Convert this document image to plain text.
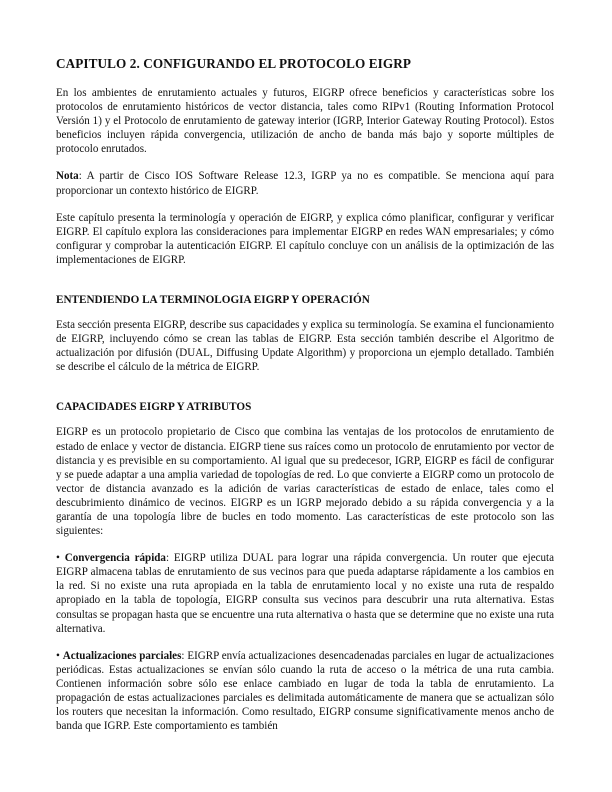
CAPITULO 2. CONFIGURANDO EL PROTOCOLO EIGRP

En los ambientes de enrutamiento actuales y futuros, EIGRP ofrece beneficios y características sobre los protocolos de enrutamiento históricos de vector distancia, tales como RIPv1 (Routing Information Protocol Versión 1) y el Protocolo de enrutamiento de gateway interior (IGRP, Interior Gateway Routing Protocol). Estos beneficios incluyen rápida convergencia, utilización de ancho de banda más bajo y soporte múltiples de protocolo enrutados.

Nota: A partir de Cisco IOS Software Release 12.3, IGRP ya no es compatible. Se menciona aquí para proporcionar un contexto histórico de EIGRP.

Este capítulo presenta la terminología y operación de EIGRP, y explica cómo planificar, configurar y verificar EIGRP. El capítulo explora las consideraciones para implementar EIGRP en redes WAN empresariales; y cómo configurar y comprobar la autenticación EIGRP. El capítulo concluye con un análisis de la optimización de las implementaciones de EIGRP.

ENTENDIENDO LA TERMINOLOGIA EIGRP Y OPERACIÓN

Esta sección presenta EIGRP, describe sus capacidades y explica su terminología. Se examina el funcionamiento de EIGRP, incluyendo cómo se crean las tablas de EIGRP. Esta sección también describe el Algoritmo de actualización por difusión (DUAL, Diffusing Update Algorithm) y proporciona un ejemplo detallado. También se describe el cálculo de la métrica de EIGRP.

CAPACIDADES EIGRP Y ATRIBUTOS

EIGRP es un protocolo propietario de Cisco que combina las ventajas de los protocolos de enrutamiento de estado de enlace y vector de distancia. EIGRP tiene sus raíces como un protocolo de enrutamiento por vector de distancia y es previsible en su comportamiento. Al igual que su predecesor, IGRP, EIGRP es fácil de configurar y se puede adaptar a una amplia variedad de topologías de red. Lo que convierte a EIGRP como un protocolo de vector de distancia avanzado es la adición de varias características de estado de enlace, tales como el descubrimiento dinámico de vecinos. EIGRP es un IGRP mejorado debido a su rápida convergencia y a la garantía de una topología libre de bucles en todo momento. Las características de este protocolo son las siguientes:

• Convergencia rápida: EIGRP utiliza DUAL para lograr una rápida convergencia. Un router que ejecuta EIGRP almacena tablas de enrutamiento de sus vecinos para que pueda adaptarse rápidamente a los cambios en la red. Si no existe una ruta apropiada en la tabla de enrutamiento local y no existe una ruta de respaldo apropiado en la tabla de topología, EIGRP consulta sus vecinos para descubrir una ruta alternativa. Estas consultas se propagan hasta que se encuentre una ruta alternativa o hasta que se determine que no existe una ruta alternativa.

• Actualizaciones parciales: EIGRP envía actualizaciones desencadenadas parciales en lugar de actualizaciones periódicas. Estas actualizaciones se envían sólo cuando la ruta de acceso o la métrica de una ruta cambia. Contienen información sobre sólo ese enlace cambiado en lugar de toda la tabla de enrutamiento. La propagación de estas actualizaciones parciales es delimitada automáticamente de manera que se actualizan sólo los routers que necesitan la información. Como resultado, EIGRP consume significativamente menos ancho de banda que IGRP. Este comportamiento es también
